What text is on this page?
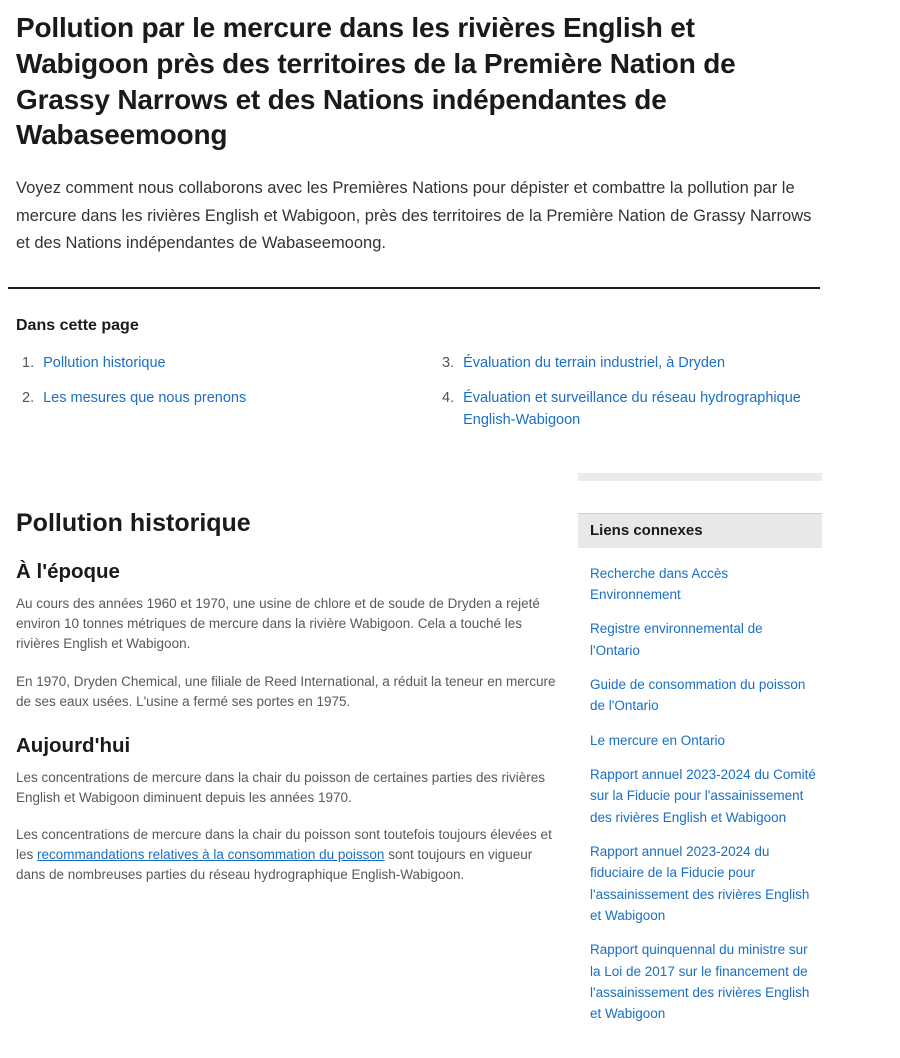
Pollution par le mercure dans les rivières English et Wabigoon près des territoires de la Première Nation de Grassy Narrows et des Nations indépendantes de Wabaseemoong

Voyez comment nous collaborons avec les Premières Nations pour dépister et combattre la pollution par le mercure dans les rivières English et Wabigoon, près des territoires de la Première Nation de Grassy Narrows et des Nations indépendantes de Wabaseemoong.

Dans cette page
1. Pollution historique
2. Les mesures que nous prenons
3. Évaluation du terrain industriel, à Dryden
4. Évaluation et surveillance du réseau hydrographique English-Wabigoon
Pollution historique
À l'époque

Au cours des années 1960 et 1970, une usine de chlore et de soude de Dryden a rejeté environ 10 tonnes métriques de mercure dans la rivière Wabigoon. Cela a touché les rivières English et Wabigoon.

En 1970, Dryden Chemical, une filiale de Reed International, a réduit la teneur en mercure de ses eaux usées. L'usine a fermé ses portes en 1975.

Aujourd'hui

Les concentrations de mercure dans la chair du poisson de certaines parties des rivières English et Wabigoon diminuent depuis les années 1970.

Les concentrations de mercure dans la chair du poisson sont toutefois toujours élevées et les recommandations relatives à la consommation du poisson sont toujours en vigueur dans de nombreuses parties du réseau hydrographique English-Wabigoon.

Liens connexes
Recherche dans Accès Environnement
Registre environnemental de l'Ontario
Guide de consommation du poisson de l'Ontario
Le mercure en Ontario
Rapport annuel 2023-2024 du Comité sur la Fiducie pour l'assainissement des rivières English et Wabigoon
Rapport annuel 2023-2024 du fiduciaire de la Fiducie pour l'assainissement des rivières English et Wabigoon
Rapport quinquennal du ministre sur la Loi de 2017 sur le financement de l'assainissement des rivières English et Wabigoon
